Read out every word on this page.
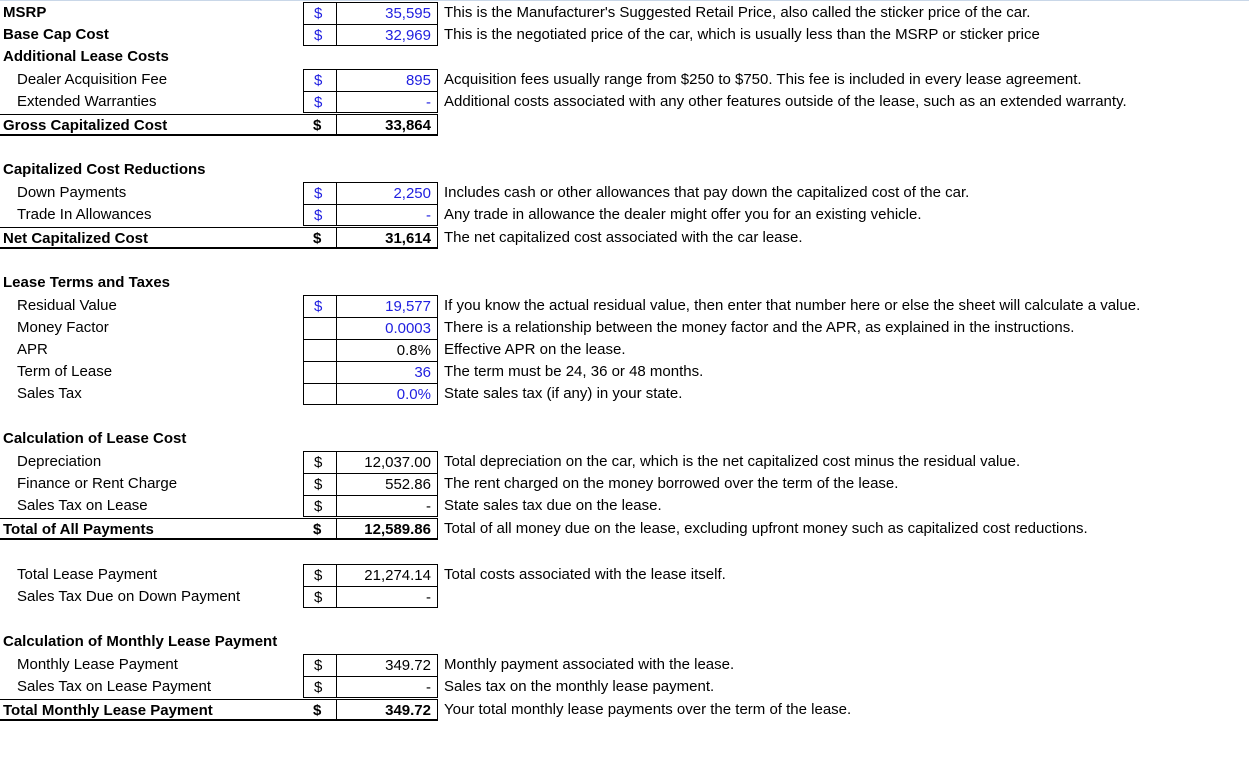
MSRP	$	35,595 This is the Manufacturer's Suggested Retail Price, also called the sticker price of the car.
Base Cap Cost	$	32,969 This is the negotiated price of the car, which is usually less than the MSRP or sticker price
Additional Lease Costs
Dealer Acquisition Fee	$	895 Acquisition fees usually range from $250 to $750. This fee is included in every lease agreement.
Extended Warranties	$	- Additional costs associated with any other features outside of the lease, such as an extended warranty.
Gross Capitalized Cost	$	33,864
Capitalized Cost Reductions
Down Payments	$	2,250 Includes cash or other allowances that pay down the capitalized cost of the car.
Trade In Allowances	$	- Any trade in allowance the dealer might offer you for an existing vehicle.
Net Capitalized Cost	$	31,614 The net capitalized cost associated with the car lease.
Lease Terms and Taxes
Residual Value	$	19,577 If you know the actual residual value, then enter that number here or else the sheet will calculate a value.
Money Factor	0.0003 There is a relationship between the money factor and the APR, as explained in the instructions.
APR	0.8% Effective APR on the lease.
Term of Lease	36 The term must be 24, 36 or 48 months.
Sales Tax	0.0% State sales tax (if any) in your state.
Calculation of Lease Cost
Depreciation	$	12,037.00 Total depreciation on the car, which is the net capitalized cost minus the residual value.
Finance or Rent Charge	$	552.86 The rent charged on the money borrowed over the term of the lease.
Sales Tax on Lease	$	- State sales tax due on the lease.
Total of All Payments	$	12,589.86 Total of all money due on the lease, excluding upfront money such as capitalized cost reductions.
Total Lease Payment	$	21,274.14 Total costs associated with the lease itself.
Sales Tax Due on Down Payment	$	-
Calculation of Monthly Lease Payment
Monthly Lease Payment	$	349.72 Monthly payment associated with the lease.
Sales Tax on Lease Payment	$	- Sales tax on the monthly lease payment.
Total Monthly Lease Payment	$	349.72 Your total monthly lease payments over the term of the lease.
